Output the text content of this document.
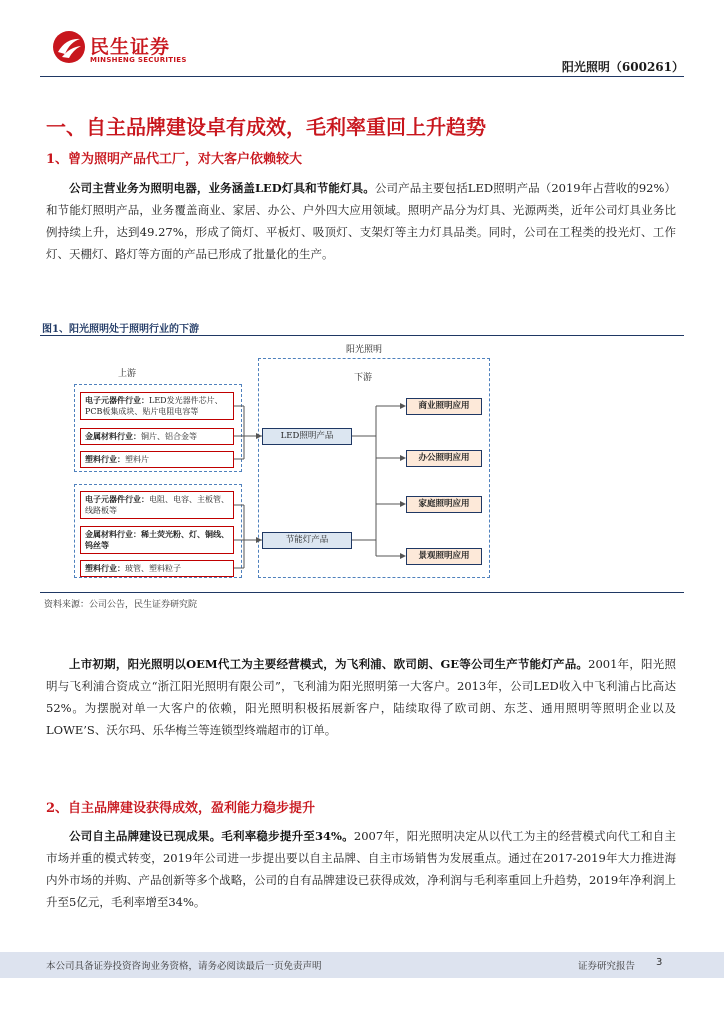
民生证券
MINSHENG SECURITIES	阳光照明（600261）
一、自主品牌建设卓有成效，毛利率重回上升趋势
1、曾为照明产品代工厂，对大客户依赖较大
公司主营业务为照明电器，业务涵盖LED灯具和节能灯具。公司产品主要包括LED照明产品（2019年占营收的92%）和节能灯照明产品，业务覆盖商业、家居、办公、户外四大应用领域。照明产品分为灯具、光源两类，近年公司灯具业务比例持续上升，达到49.27%，形成了筒灯、平板灯、吸顶灯、支架灯等主力灯具品类。同时，公司在工程类的投光灯、工作灯、天棚灯、路灯等方面的产品已形成了批量化的生产。
图1、阳光照明处于照明行业的下游
阳光照明
上游	下游
电子元器件行业：LED发光器件芯片、PCB板集成块、贴片电阻电容等
金属材料行业：铜片、铝合金等
塑料行业：塑料片
电子元器件行业：电阻、电容、主板管、线路板等
金属材料行业：稀土荧光粉、灯、铜线、钨丝等
塑料行业：玻管、塑料粒子
LED照明产品
节能灯产品
商业照明应用
办公照明应用
家庭照明应用
景观照明应用
资料来源：公司公告，民生证券研究院
上市初期，阳光照明以OEM代工为主要经营模式，为飞利浦、欧司朗、GE等公司生产节能灯产品。2001年，阳光照明与飞利浦合资成立“浙江阳光照明有限公司”，飞利浦为阳光照明第一大客户。2013年，公司LED收入中飞利浦占比高达52%。为摆脱对单一大客户的依赖，阳光照明积极拓展新客户，陆续取得了欧司朗、东芝、通用照明等照明企业以及LOWE’S、沃尔玛、乐华梅兰等连锁型终端超市的订单。
2、自主品牌建设获得成效，盈利能力稳步提升
公司自主品牌建设已现成果。毛利率稳步提升至34%。2007年，阳光照明决定从以代工为主的经营模式向代工和自主市场并重的模式转变，2019年公司进一步提出要以自主品牌、自主市场销售为发展重点。通过在2017-2019年大力推进海内外市场的并购、产品创新等多个战略，公司的自有品牌建设已获得成效，净利润与毛利率重回上升趋势，2019年净利润上升至5亿元，毛利率增至34%。
本公司具备证券投资咨询业务资格，请务必阅读最后一页免责声明	证券研究报告 3
